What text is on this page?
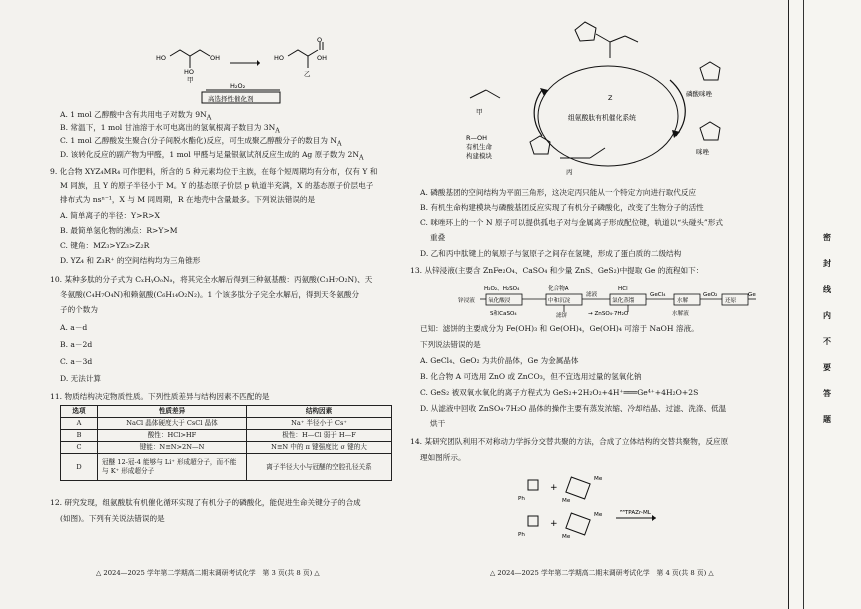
HO	OH
HO
甲
HO	OH
O
乙
H₂O₂
高选择性催化剂
A. 1 mol 乙醇酸中含有共用电子对数为 $9N_A$
B. 常温下，1 mol 甘油溶于水可电离出的氢氧根离子数目为 $3N_A$
C. 1 mol 乙醇酸发生聚合(分子间脱水酯化)反应，可生成聚乙醇酸分子的数目为 $N_A$
D. 该转化反应的副产物为甲醛，1 mol 甲醛与足量银氨试剂反应生成的 Ag 原子数为 $2N_A$
9. 化合物 XYZ₄MR₄ 可作肥料，所含的 5 种元素均位于主族，在每个短周期均有分布，仅有 Y 和
M 同族，且 Y 的原子半径小于 M。Y 的基态原子价层 p 轨道半充满，X 的基态原子价层电子
排布式为 nsⁿ⁻¹，X 与 M 同周期，R 在地壳中含量最多。下列说法错误的是
A. 简单离子的半径：Y>R>X
B. 最简单氢化物的沸点：R>Y>M
C. 键角：MZ₃>YZ₃>Z₂R
D. YZ₄ 和 Z₃R⁺ 的空间结构均为三角锥形
10. 某种多肽的分子式为 CₓHᵧOₒNₔ，将其完全水解后得到三种氨基酸：丙氨酸(C₃H₇O₂N)、天
冬氨酸(C₄H₇O₄N)和赖氨酸(C₆H₁₄O₂N₂)。1 个该多肽分子完全水解后，得到天冬氨酸分
子的个数为
A. a－d
B. a－2d
C. a－3d
D. 无法计算
11. 物质结构决定物质性质。下列性质差异与结构因素不匹配的是
选项	性质差异	结构因素
A	NaCl 晶体硬度大于 CsCl 晶体	Na⁺ 半径小于 Cs⁺
B	酸性：HCl>HF	极性：H—Cl 弱于 H—F
C	键能：N≡N>2N—N	N≡N 中的 π 键强度比 σ 键的大
D	冠醚 12-冠-4 能够与 Li⁺ 形成超分子，而不能与 K⁺ 形成超分子	离子半径大小与冠醚的空腔孔径关系
12. 研究发现，组氨酸肽有机催化循环实现了有机分子的磷酸化，能促进生命关键分子的合成
(如图)。下列有关说法错误的是
△ 2024—2025 学年第二学期高二期末调研考试化学　第 3 页(共 8 页) △
甲
磷酸咪唑
咪唑
R—OH
有机生命
构建模块
丙
Z
组氨酸肽有机催化系统
A. 磷酸基团的空间结构为平面三角形，这决定丙只能从一个特定方向进行取代反应
B. 有机生命构建模块与磷酸基团反应实现了有机分子磷酸化，改变了生物分子的活性
C. 咪唑环上的一个 N 原子可以提供孤电子对与金属离子形成配位键，轨道以“头碰头”形式
重叠
D. 乙和丙中肽键上的氧原子与氢原子之间存在氢键，形成了蛋白质的二级结构
13. 从锌浸液(主要含 ZnFe₂O₄、CaSO₄ 和少量 ZnS、GeS₂)中提取 Ge 的流程如下：
锌浸液 氧化酸浸	中和沉淀	氯化蒸馏	水解	还原
H₂O₂、H₂SO₄	化合物A	HCl
GeCl₄	GeO₂
S和CaSO₄	滤饼	→ ZnSO₄·7H₂O	水解液
滤液	Ge
已知：滤饼的主要成分为 Fe(OH)₃ 和 Ge(OH)₄，Ge(OH)₄ 可溶于 NaOH 溶液。
下列说法错误的是
A. GeCl₄、GeO₂ 为共价晶体，Ge 为金属晶体
B. 化合物 A 可选用 ZnO 或 ZnCO₃，但不宜选用过量的氢氧化钠
C. GeS₂ 被双氧水氧化的离子方程式为 GeS₂+2H₂O₂+4H⁺═══Ge⁴⁺+4H₂O+2S
D. 从滤液中回收 ZnSO₄·7H₂O 晶体的操作主要有蒸发浓缩、冷却结晶、过滤、洗涤、低温
烘干
14. 某研究团队利用不对称动力学拆分交替共聚的方法，合成了立体结构的交替共聚物，反应原
理如图所示。
+
+
Ph
Ph
Me
Me
Me
Me
ᴿᴿTPAZr-ML
△ 2024—2025 学年第二学期高二期末调研考试化学　第 4 页(共 8 页) △
密
封
线
内
不
要
答
题
